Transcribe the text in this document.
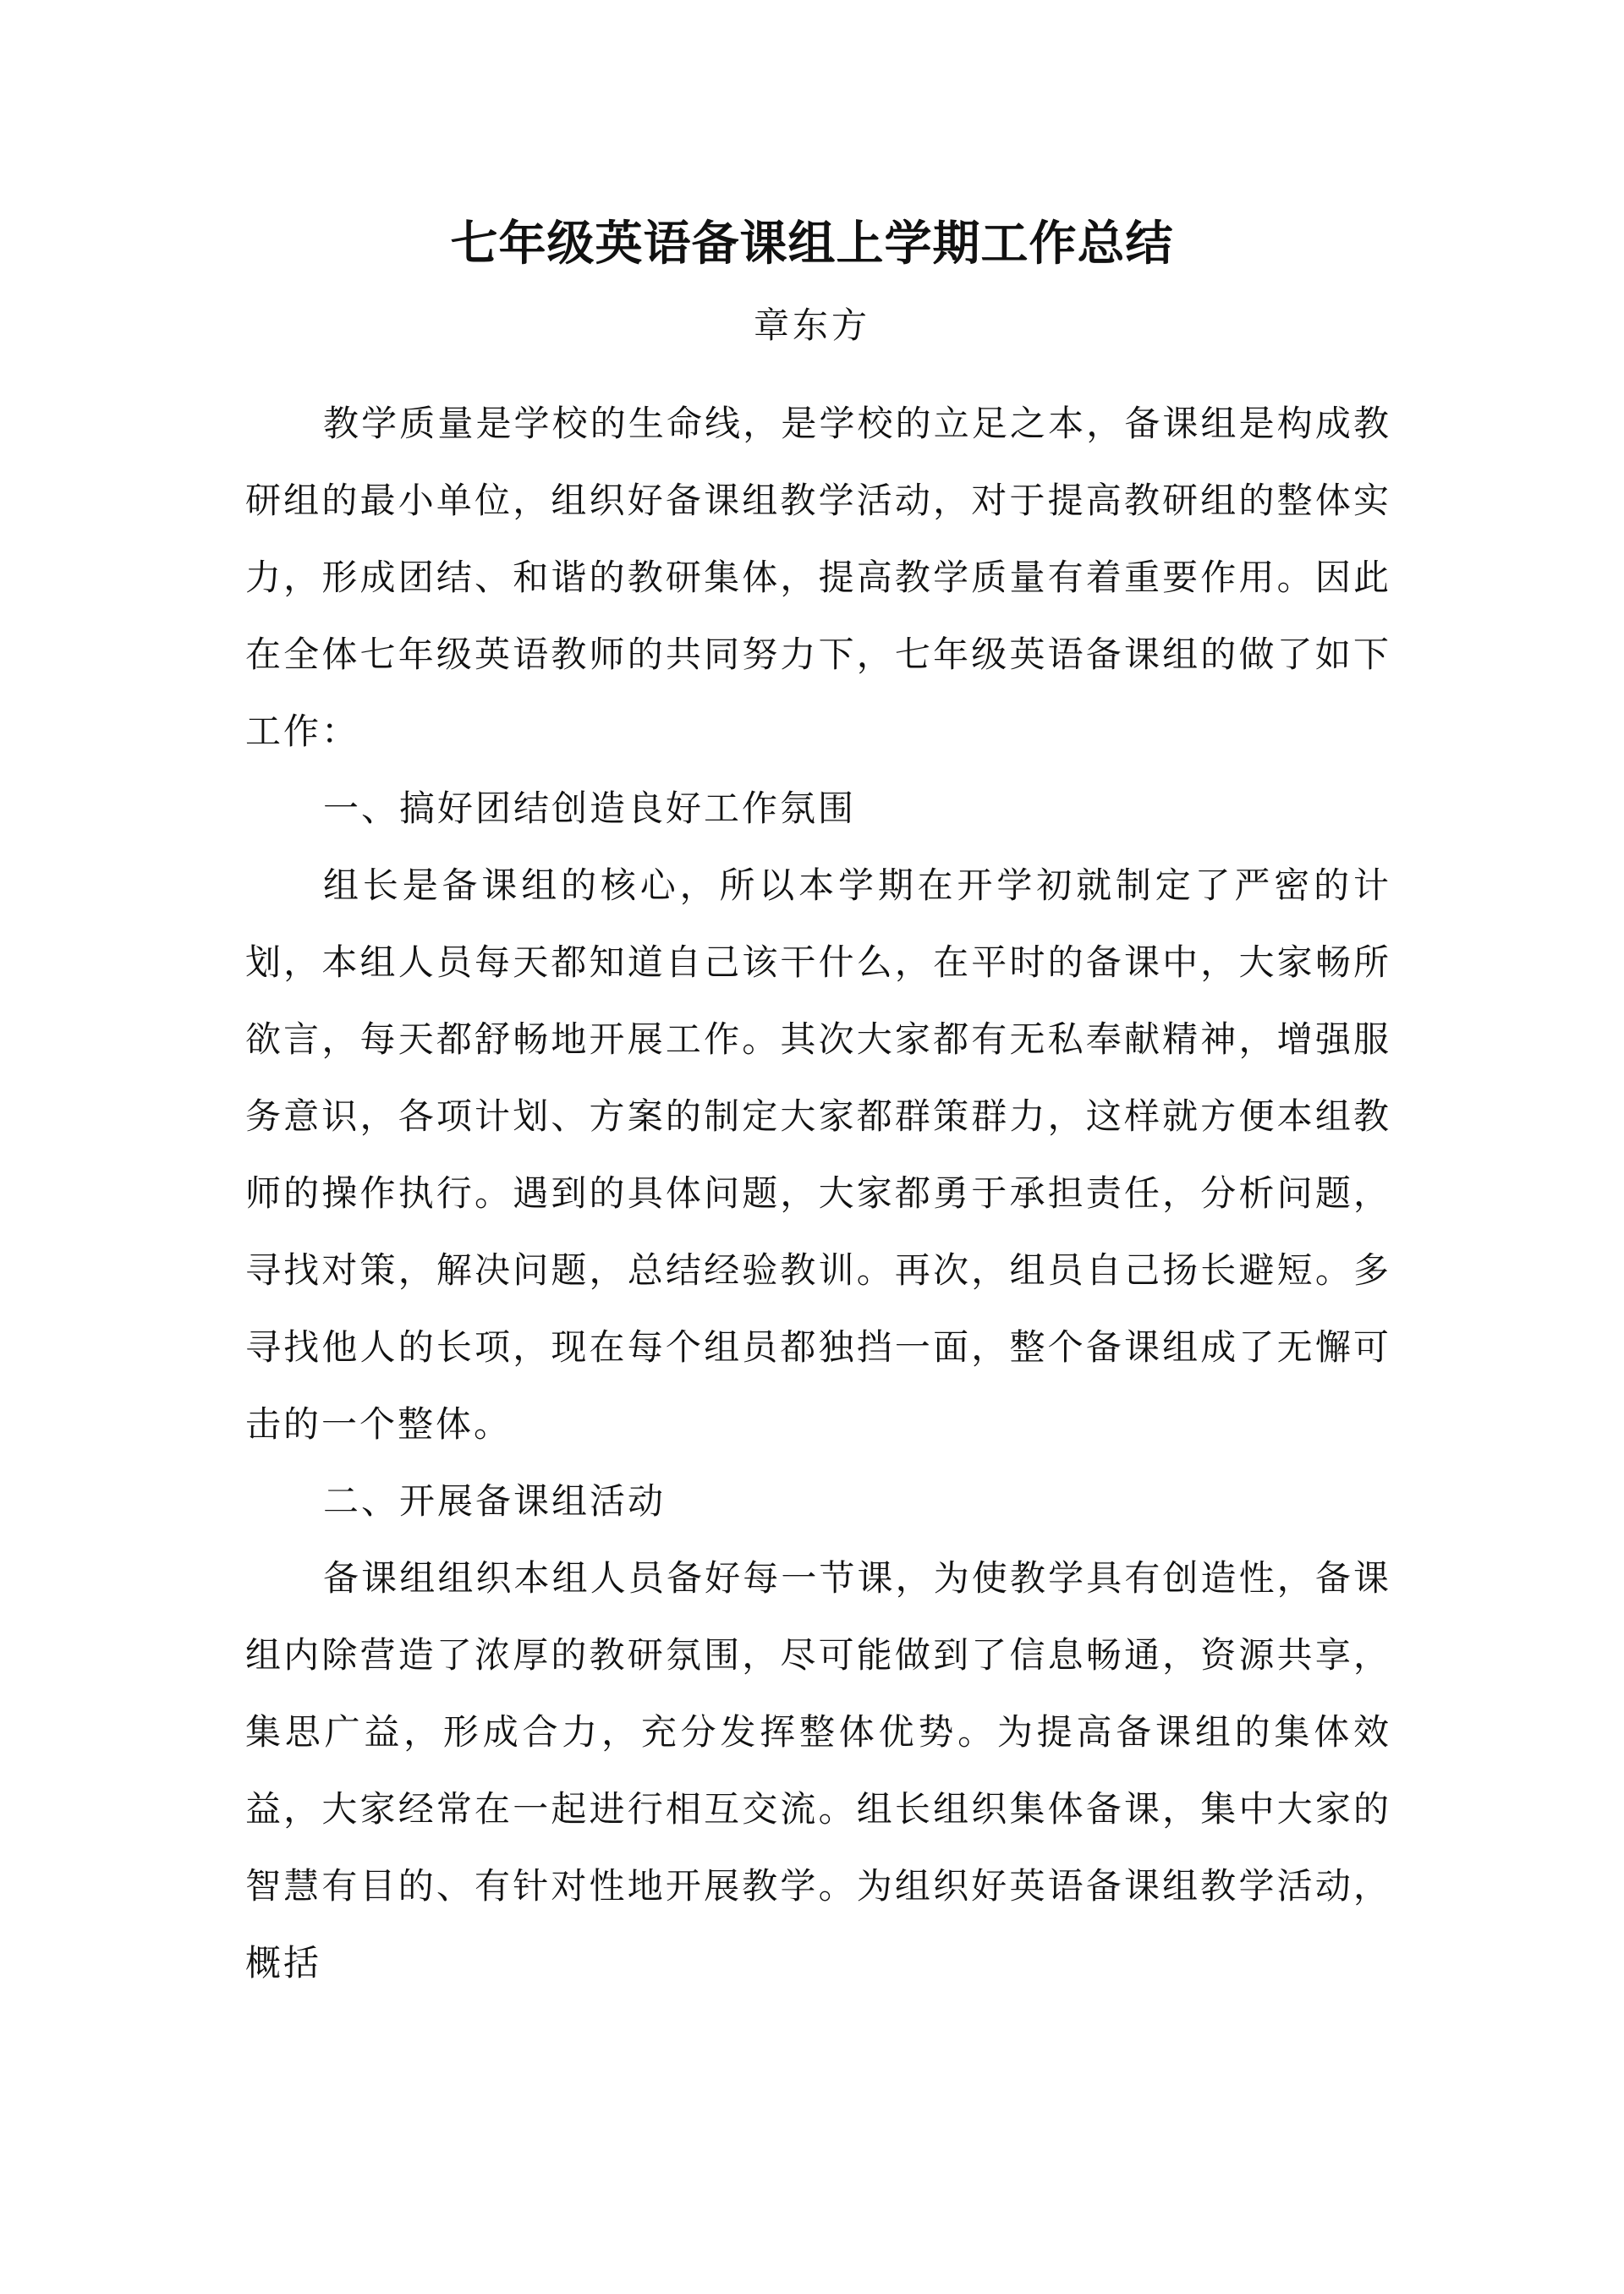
七年级英语备课组上学期工作总结
章东方

教学质量是学校的生命线，是学校的立足之本，备课组是构成教研组的最小单位，组织好备课组教学活动，对于提高教研组的整体实力，形成团结、和谐的教研集体，提高教学质量有着重要作用。因此在全体七年级英语教师的共同努力下，七年级英语备课组的做了如下工作：

一、搞好团结创造良好工作氛围

组长是备课组的核心，所以本学期在开学初就制定了严密的计划，本组人员每天都知道自己该干什么，在平时的备课中，大家畅所欲言，每天都舒畅地开展工作。其次大家都有无私奉献精神，增强服务意识，各项计划、方案的制定大家都群策群力，这样就方便本组教师的操作执行。遇到的具体问题，大家都勇于承担责任，分析问题，寻找对策，解决问题，总结经验教训。再次，组员自己扬长避短。多寻找他人的长项，现在每个组员都独挡一面，整个备课组成了无懈可击的一个整体。

二、开展备课组活动

备课组组织本组人员备好每一节课，为使教学具有创造性，备课组内除营造了浓厚的教研氛围，尽可能做到了信息畅通，资源共享，集思广益，形成合力，充分发挥整体优势。为提高备课组的集体效益，大家经常在一起进行相互交流。组长组织集体备课，集中大家的智慧有目的、有针对性地开展教学。为组织好英语备课组教学活动，概括
